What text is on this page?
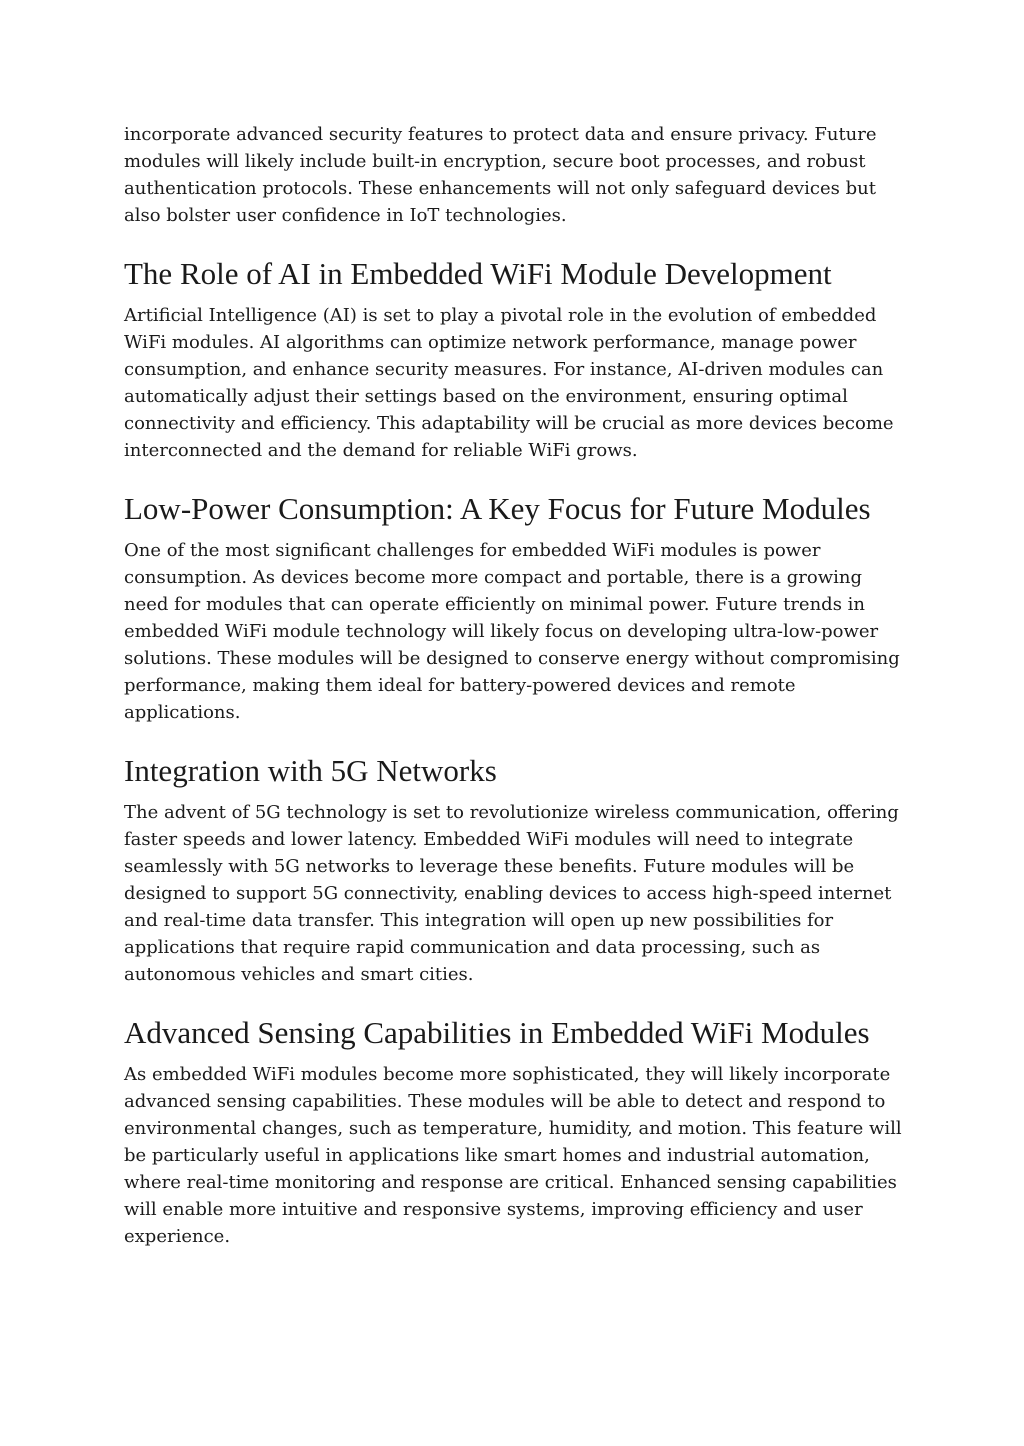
incorporate advanced security features to protect data and ensure privacy. Future modules will likely include built-in encryption, secure boot processes, and robust authentication protocols. These enhancements will not only safeguard devices but also bolster user confidence in IoT technologies.

The Role of AI in Embedded WiFi Module Development

Artificial Intelligence (AI) is set to play a pivotal role in the evolution of embedded WiFi modules. AI algorithms can optimize network performance, manage power consumption, and enhance security measures. For instance, AI-driven modules can automatically adjust their settings based on the environment, ensuring optimal connectivity and efficiency. This adaptability will be crucial as more devices become interconnected and the demand for reliable WiFi grows.

Low-Power Consumption: A Key Focus for Future Modules

One of the most significant challenges for embedded WiFi modules is power consumption. As devices become more compact and portable, there is a growing need for modules that can operate efficiently on minimal power. Future trends in embedded WiFi module technology will likely focus on developing ultra-low-power solutions. These modules will be designed to conserve energy without compromising performance, making them ideal for battery-powered devices and remote applications.

Integration with 5G Networks

The advent of 5G technology is set to revolutionize wireless communication, offering faster speeds and lower latency. Embedded WiFi modules will need to integrate seamlessly with 5G networks to leverage these benefits. Future modules will be designed to support 5G connectivity, enabling devices to access high-speed internet and real-time data transfer. This integration will open up new possibilities for applications that require rapid communication and data processing, such as autonomous vehicles and smart cities.

Advanced Sensing Capabilities in Embedded WiFi Modules

As embedded WiFi modules become more sophisticated, they will likely incorporate advanced sensing capabilities. These modules will be able to detect and respond to environmental changes, such as temperature, humidity, and motion. This feature will be particularly useful in applications like smart homes and industrial automation, where real-time monitoring and response are critical. Enhanced sensing capabilities will enable more intuitive and responsive systems, improving efficiency and user experience.
